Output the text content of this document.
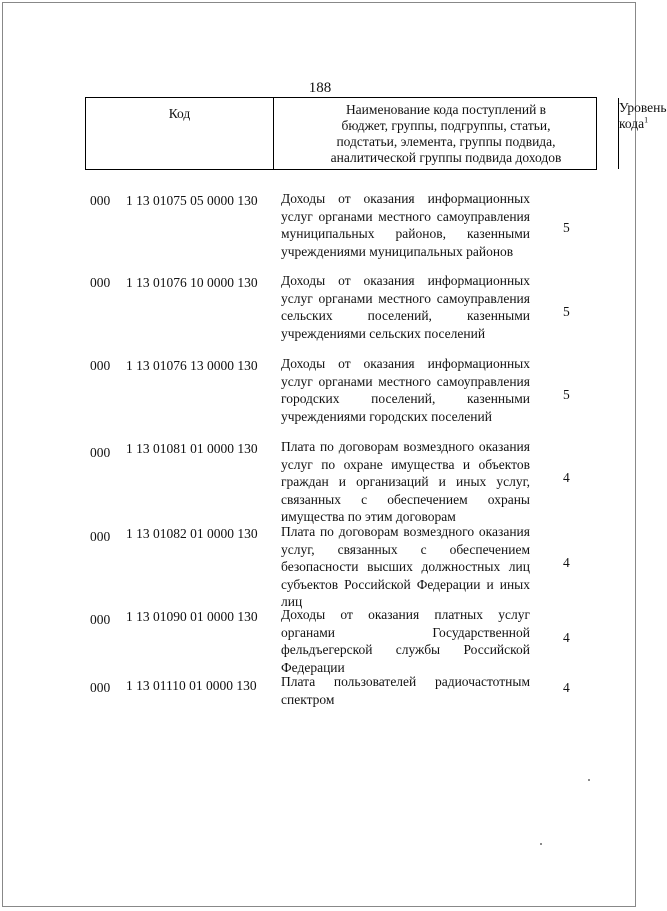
188
Код	Наименование кода поступлений в
бюджет, группы, подгруппы, статьи,
подстатьи, элемента, группы подвида,
аналитической группы подвида доходов
Уровень
кода$^1$
000 1 13 01075 05 0000 130 Доходы от оказания информационных услуг органами местного самоуправления муниципальных районов, казенными учреждениями муниципальных районов
5
000 1 13 01076 10 0000 130 Доходы от оказания информационных услуг органами местного самоуправления сельских поселений, казенными учреждениями сельских поселений
5
000 1 13 01076 13 0000 130 Доходы от оказания информационных услуг органами местного самоуправления городских поселений, казенными учреждениями городских поселений
5
000 1 13 01081 01 0000 130 Плата по договорам возмездного оказания услуг по охране имущества и объектов граждан и организаций и иных услуг, связанных с обеспечением охраны имущества по этим договорам
4
000 1 13 01082 01 0000 130 Плата по договорам возмездного оказания услуг, связанных с обеспечением безопасности высших должностных лиц субъектов Российской Федерации и иных лиц
4
000 1 13 01090 01 0000 130 Доходы от оказания платных услуг органами Государственной фельдъегерской службы Российской Федерации
4
000 1 13 01110 01 0000 130 Плата пользователей радиочастотным спектром
4
